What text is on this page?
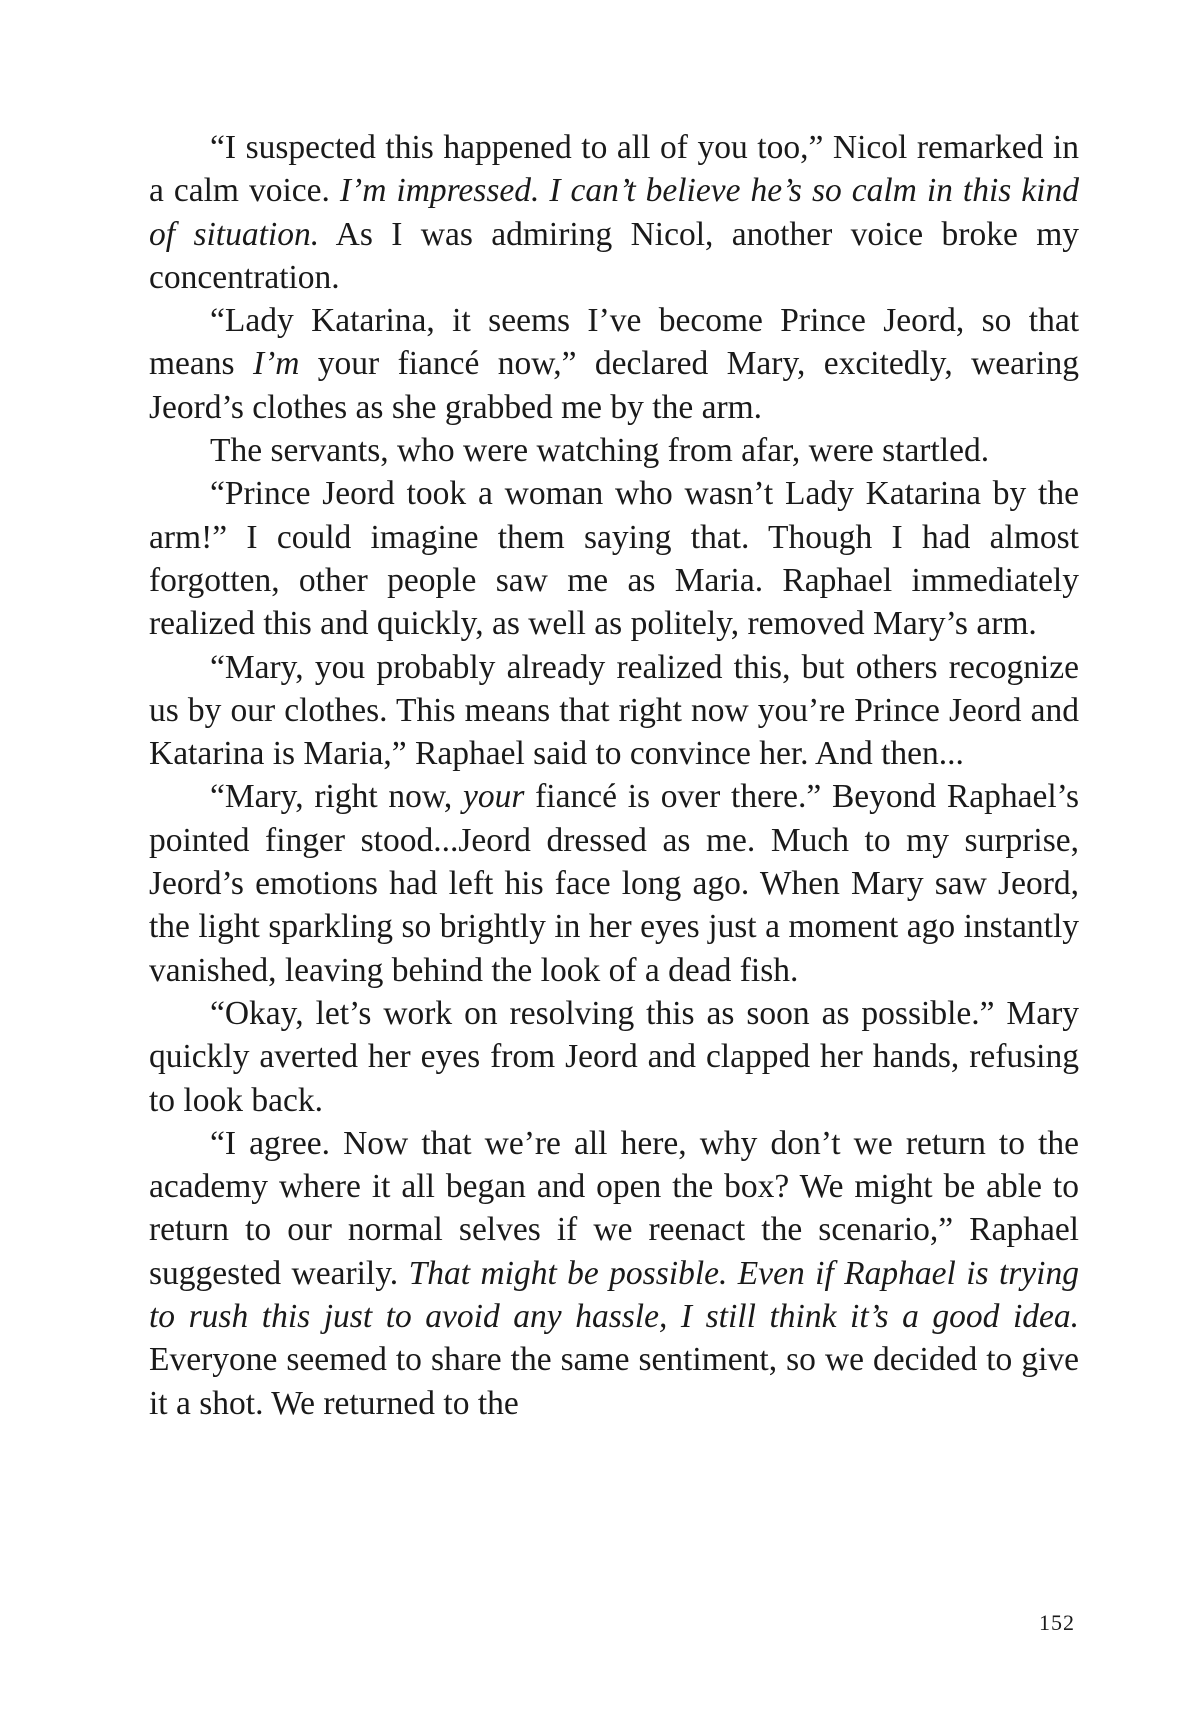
“I suspected this happened to all of you too,” Nicol remarked in a calm voice. I’m impressed. I can’t believe he’s so calm in this kind of situation. As I was admiring Nicol, another voice broke my concentration.

“Lady Katarina, it seems I’ve become Prince Jeord, so that means I’m your fiancé now,” declared Mary, excitedly, wearing Jeord’s clothes as she grabbed me by the arm.

The servants, who were watching from afar, were startled.

“Prince Jeord took a woman who wasn’t Lady Katarina by the arm!” I could imagine them saying that. Though I had almost forgotten, other people saw me as Maria. Raphael immediately realized this and quickly, as well as politely, removed Mary’s arm.

“Mary, you probably already realized this, but others recognize us by our clothes. This means that right now you’re Prince Jeord and Katarina is Maria,” Raphael said to convince her. And then...

“Mary, right now, your fiancé is over there.” Beyond Raphael’s pointed finger stood...Jeord dressed as me. Much to my surprise, Jeord’s emotions had left his face long ago. When Mary saw Jeord, the light sparkling so brightly in her eyes just a moment ago instantly vanished, leaving behind the look of a dead fish.

“Okay, let’s work on resolving this as soon as possible.” Mary quickly averted her eyes from Jeord and clapped her hands, refusing to look back.

“I agree. Now that we’re all here, why don’t we return to the academy where it all began and open the box? We might be able to return to our normal selves if we reenact the scenario,” Raphael suggested wearily. That might be possible. Even if Raphael is trying to rush this just to avoid any hassle, I still think it’s a good idea. Everyone seemed to share the same sentiment, so we decided to give it a shot. We returned to the

152
